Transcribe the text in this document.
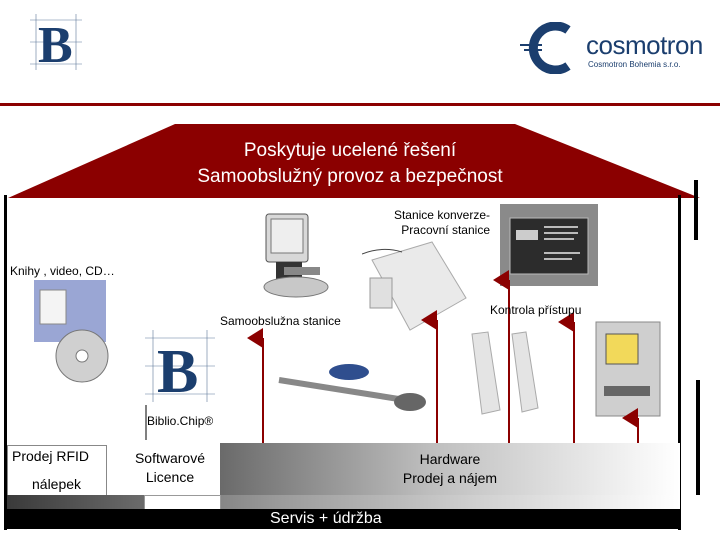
B	cosmotron
Cosmotron Bohemia s.r.o.
Poskytuje ucelené řešení
Samoobslužný provoz a bezpečnost
B
Stanice konverze-
Pracovní stanice
Knihy , video, CD…
Samoobslužna stanice
Kontrola přístupu
Biblio.Chip®
Hardware
Prodej a nájem
Prodej RFID
nálepek
Softwarové
Licence
Servis + údržba
